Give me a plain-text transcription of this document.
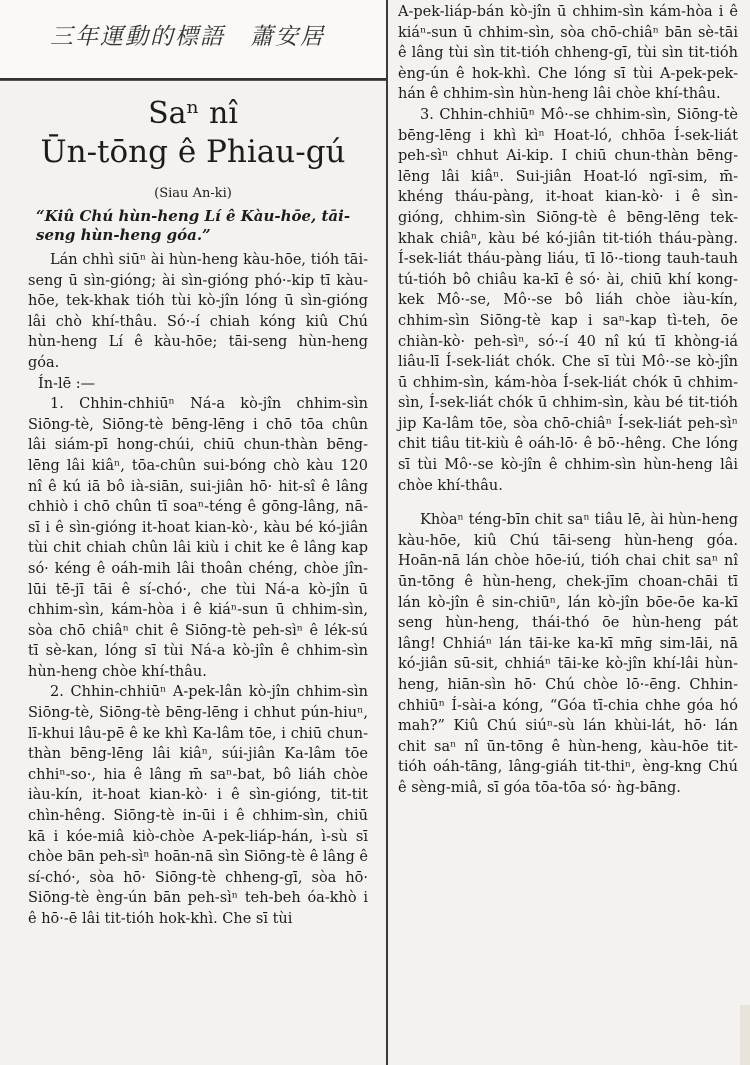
三年運動的標語　蕭安居
Saⁿ nî
Ūn-tōng ê Phiau-gú
(Siau An-ki)
“Kiû Chú hùn-heng Lí ê Kàu-hōe, tāi-seng hùn-heng góa.”

Lán chhì siūⁿ ài hùn-heng kàu-hōe, tióh tāi-seng ū sìn-gióng; ài sìn-gióng phó·-kip tī kàu-hōe, tek-khak tióh tùi kò-jîn lóng ū sìn-gióng lâi chò khí-thâu. Só·-í chiah kóng kiû Chú hùn-heng Lí ê kàu-hōe; tāi-seng hùn-heng góa.

Ín-lē :—

1. Chhin-chhiūⁿ Ná-a kò-jîn chhim-sìn Siōng-tè, Siōng-tè bēng-lēng i chō tōa chûn lâi siám-pī hong-chúi, chiū chun-thàn bēng-lēng lâi kiâⁿ, tōa-chûn sui-bóng chò kàu 120 nî ê kú iā bô ià-siān, sui-jiân hō· hit-sî ê lâng chhiò i chō chûn tī soaⁿ-téng ê gōng-lâng, nā-sī i ê sìn-gióng it-hoat kian-kò·, kàu bé kó-jiân tùi chit chiah chûn lâi kiù i chit ke ê lâng kap só· kéng ê oáh-mih lâi thoân chéng, chòe jîn-lūi tē-jī tāi ê sí-chó·, che tùi Ná-a kò-jîn ū chhim-sìn, kám-hòa i ê kiáⁿ-sun ū chhim-sìn, sòa chō chiâⁿ chit ê Siōng-tè peh-sìⁿ ê lék-sú tī sè-kan, lóng sī tùi Ná-a kò-jîn ê chhim-sìn hùn-heng chòe khí-thâu.

2. Chhin-chhiūⁿ A-pek-lân kò-jîn chhim-sìn Siōng-tè, Siōng-tè bēng-lēng i chhut pún-hiuⁿ, lī-khui lâu-pē ê ke khì Ka-lâm tōe, i chiū chun-thàn bēng-lēng lâi kiâⁿ, súi-jiân Ka-lâm tōe chhiⁿ-so·, hia ê lâng m̄ saⁿ-bat, bô liáh chòe iàu-kín, it-hoat kian-kò· i ê sìn-gióng, tit-tit chìn-hêng. Siōng-tè in-ūi i ê chhim-sìn, chiū kā i kóe-miâ kiò-chòe A-pek-liáp-hán, ì-sù sī chòe bān peh-sìⁿ hoān-nā sìn Siōng-tè ê lâng ê sí-chó·, sòa hō· Siōng-tè chheng-gī, sòa hō· Siōng-tè èng-ún bān peh-sìⁿ teh-beh óa-khò i ê hō·-ē lâi tit-tióh hok-khì. Che sī tùi

A-pek-liáp-bán kò-jîn ū chhim-sìn kám-hòa i ê kiáⁿ-sun ū chhim-sìn, sòa chō-chiâⁿ bān sè-tāi ê lâng tùi sìn tit-tióh chheng-gī, tùi sìn tit-tióh èng-ún ê hok-khì. Che lóng sī tùi A-pek-pek-hán ê chhim-sìn hùn-heng lâi chòe khí-thâu.

3. Chhin-chhiūⁿ Mô·-se chhim-sìn, Siōng-tè bēng-lēng i khì kìⁿ Hoat-ló, chhōa Í-sek-liát peh-sìⁿ chhut Ai-kip. I chiū chun-thàn bēng-lēng lâi kiâⁿ. Sui-jiân Hoat-ló ngī-sim, m̄-khéng tháu-pàng, it-hoat kian-kò· i ê sìn-gióng, chhim-sìn Siōng-tè ê bēng-lēng tek-khak chiâⁿ, kàu bé kó-jiân tit-tióh tháu-pàng. Í-sek-liát tháu-pàng liáu, tī lō·-tiong tauh-tauh tú-tióh bô chiâu ka-kī ê só· ài, chiū khí kong-kek Mô·-se, Mô·-se bô liáh chòe iàu-kín, chhim-sìn Siōng-tè kap i saⁿ-kap tì-teh, ōe chiàn-kò· peh-sìⁿ, só·-í 40 nî kú tī khòng-iá liâu-lī Í-sek-liát chók. Che sī tùi Mô·-se kò-jîn ū chhim-sìn, kám-hòa Í-sek-liát chók ū chhim-sìn, Í-sek-liát chók ū chhim-sìn, kàu bé tit-tióh jip Ka-lâm tōe, sòa chō-chiâⁿ Í-sek-liát peh-sìⁿ chit tiâu tit-kiù ê oáh-lō· ê bō·-hêng. Che lóng sī tùi Mô·-se kò-jîn ê chhim-sìn hùn-heng lâi chòe khí-thâu.

Khòaⁿ téng-bīn chit saⁿ tiâu lē, ài hùn-heng kàu-hōe, kiû Chú tāi-seng hùn-heng góa. Hoān-nā lán chòe hōe-iú, tióh chai chit saⁿ nî ūn-tōng ê hùn-heng, chek-jīm choan-chāi tī lán kò-jîn ê sin-chiūⁿ, lán kò-jîn bōe-ōe ka-kī seng hùn-heng, thái-thó ōe hùn-heng pát lâng! Chhiáⁿ lán tāi-ke ka-kī mn̄g sim-lāi, nā kó-jiân sū-sit, chhiáⁿ tāi-ke kò-jîn khí-lâi hùn-heng, hiān-sìn hō· Chú chòe lō·-ēng. Chhin-chhiūⁿ Í-sài-a kóng, “Góa tī-chia chhe góa hó mah?” Kiû Chú siúⁿ-sù lán khùi-lát, hō· lán chit saⁿ nî ūn-tōng ê hùn-heng, kàu-hōe tit-tióh oáh-tāng, lâng-giáh tit-thiⁿ, èng-kng Chú ê sèng-miâ, sī góa tōa-tōa só· ǹg-bāng.
